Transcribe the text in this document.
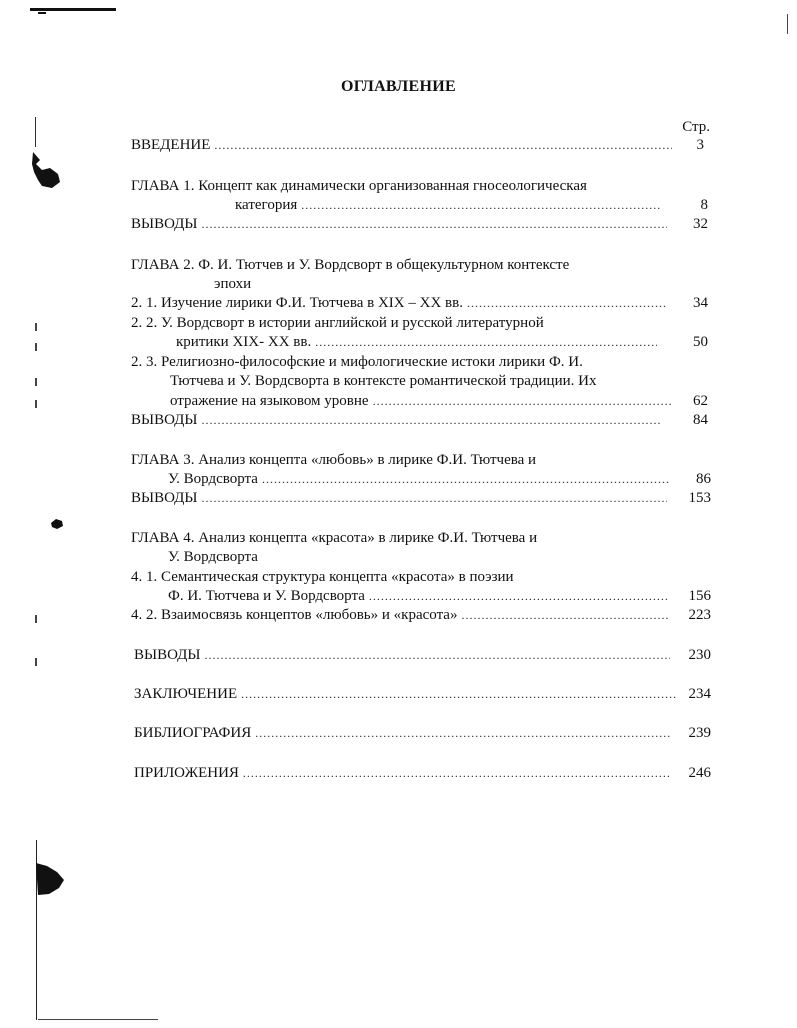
ОГЛАВЛЕНИЕ
Стр.
ВВЕДЕНИЕ .....	3
ГЛАВА 1. Концепт как динамически организованная гносеологическая
категория .....	8
ВЫВОДЫ .....	32
ГЛАВА 2. Ф. И. Тютчев и У. Вордсворт в общекультурном контексте
эпохи
2. 1. Изучение лирики Ф.И. Тютчева в XIX – XX вв. .....	34
2. 2. У. Вордсворт в истории английской и русской литературной
критики XIX- XX вв. .....	50
2. 3. Религиозно-философские и мифологические истоки лирики Ф. И.
Тютчева и У. Вордсворта в контексте романтической традиции. Их
отражение на языковом уровне .....	62
ВЫВОДЫ .....	84
ГЛАВА 3. Анализ концепта «любовь» в лирике Ф.И. Тютчева и
У. Вордсворта .....	86
ВЫВОДЫ .....	153
ГЛАВА 4. Анализ концепта «красота» в лирике Ф.И. Тютчева и
У. Вордсворта
4. 1. Семантическая структура концепта «красота» в поэзии
Ф. И. Тютчева и У. Вордсворта .....	156
4. 2. Взаимосвязь концептов «любовь» и «красота» .....	223
ВЫВОДЫ .....	230
ЗАКЛЮЧЕНИЕ .....	234
БИБЛИОГРАФИЯ .....	239
ПРИЛОЖЕНИЯ .....	246
